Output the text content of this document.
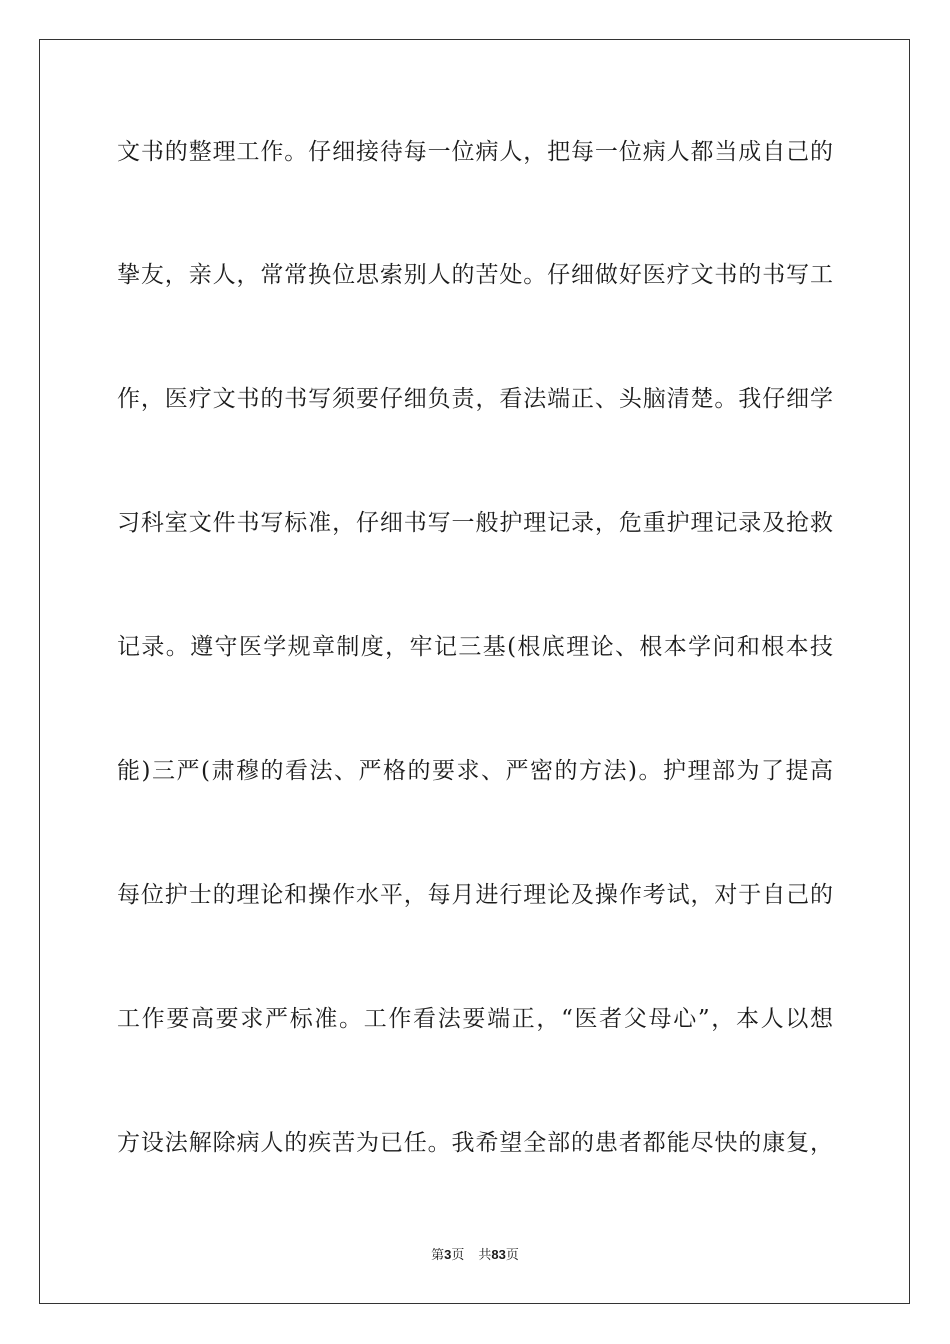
文书的整理工作。仔细接待每一位病人，把每一位病人都当成自己的
挚友，亲人，常常换位思索别人的苦处。仔细做好医疗文书的书写工
作，医疗文书的书写须要仔细负责，看法端正、头脑清楚。我仔细学
习科室文件书写标准，仔细书写一般护理记录，危重护理记录及抢救
记录。遵守医学规章制度，牢记三基(根底理论、根本学问和根本技
能)三严(肃穆的看法、严格的要求、严密的方法)。护理部为了提高
每位护士的理论和操作水平，每月进行理论及操作考试，对于自己的
工作要高要求严标准。工作看法要端正，“医者父母心”，本人以想
方设法解除病人的疾苦为已任。我希望全部的患者都能尽快的康复，
第3页 共83页
